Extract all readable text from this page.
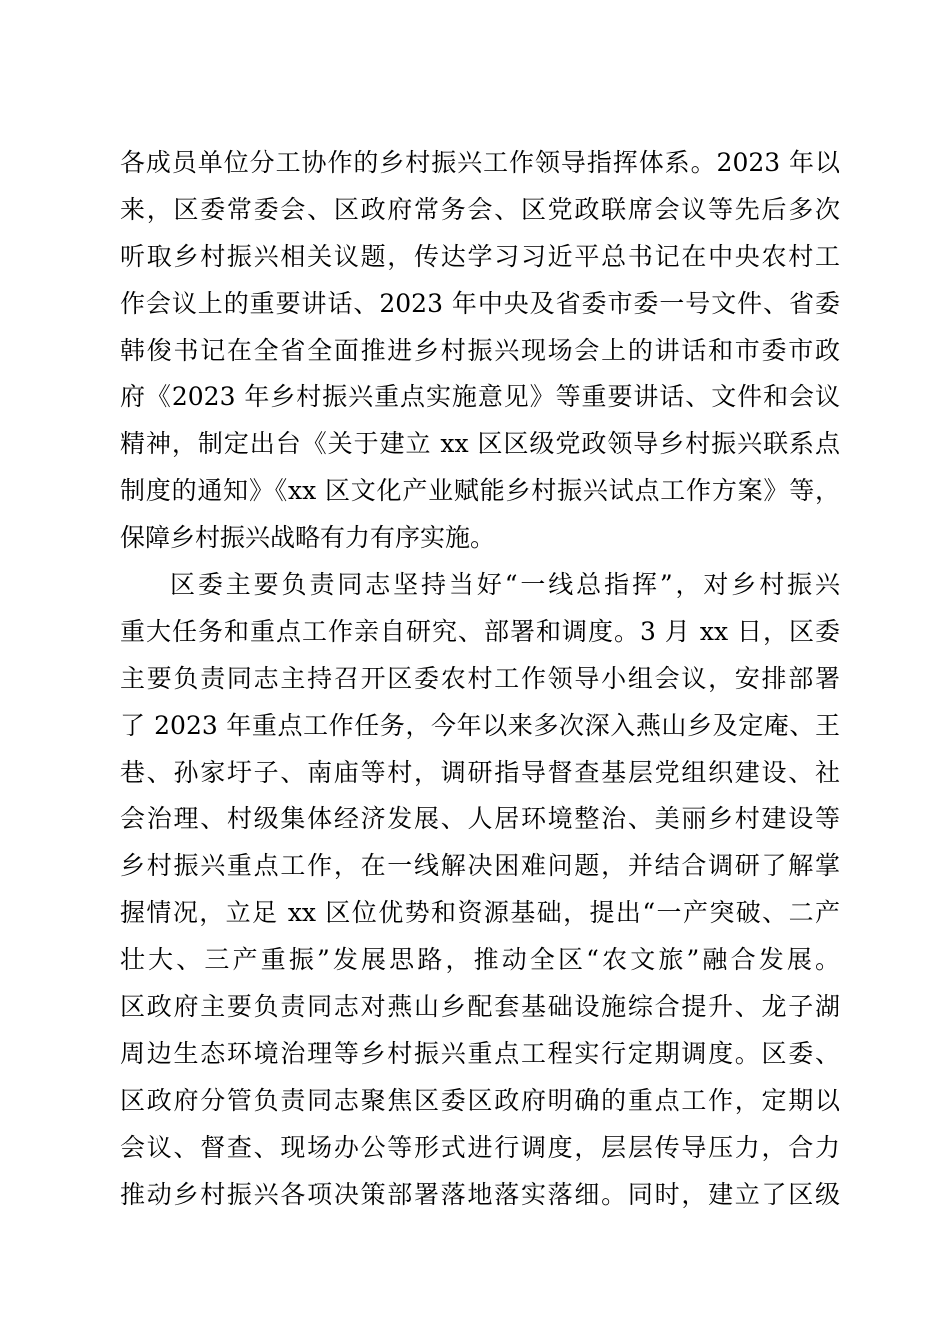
各成员单位分工协作的乡村振兴工作领导指挥体系。2023 年以
来，区委常委会、区政府常务会、区党政联席会议等先后多次
听取乡村振兴相关议题，传达学习习近平总书记在中央农村工
作会议上的重要讲话、2023 年中央及省委市委一号文件、省委
韩俊书记在全省全面推进乡村振兴现场会上的讲话和市委市政
府《2023 年乡村振兴重点实施意见》等重要讲话、文件和会议
精神，制定出台《关于建立 xx 区区级党政领导乡村振兴联系点
制度的通知》《xx 区文化产业赋能乡村振兴试点工作方案》等，
保障乡村振兴战略有力有序实施。
区委主要负责同志坚持当好“一线总指挥”，对乡村振兴
重大任务和重点工作亲自研究、部署和调度。3 月 xx 日，区委
主要负责同志主持召开区委农村工作领导小组会议，安排部署
了 2023 年重点工作任务，今年以来多次深入燕山乡及定庵、王
巷、孙家圩子、南庙等村，调研指导督查基层党组织建设、社
会治理、村级集体经济发展、人居环境整治、美丽乡村建设等
乡村振兴重点工作，在一线解决困难问题，并结合调研了解掌
握情况，立足 xx 区位优势和资源基础，提出“一产突破、二产
壮大、三产重振”发展思路，推动全区“农文旅”融合发展。
区政府主要负责同志对燕山乡配套基础设施综合提升、龙子湖
周边生态环境治理等乡村振兴重点工程实行定期调度。区委、
区政府分管负责同志聚焦区委区政府明确的重点工作，定期以
会议、督查、现场办公等形式进行调度，层层传导压力，合力
推动乡村振兴各项决策部署落地落实落细。同时，建立了区级
